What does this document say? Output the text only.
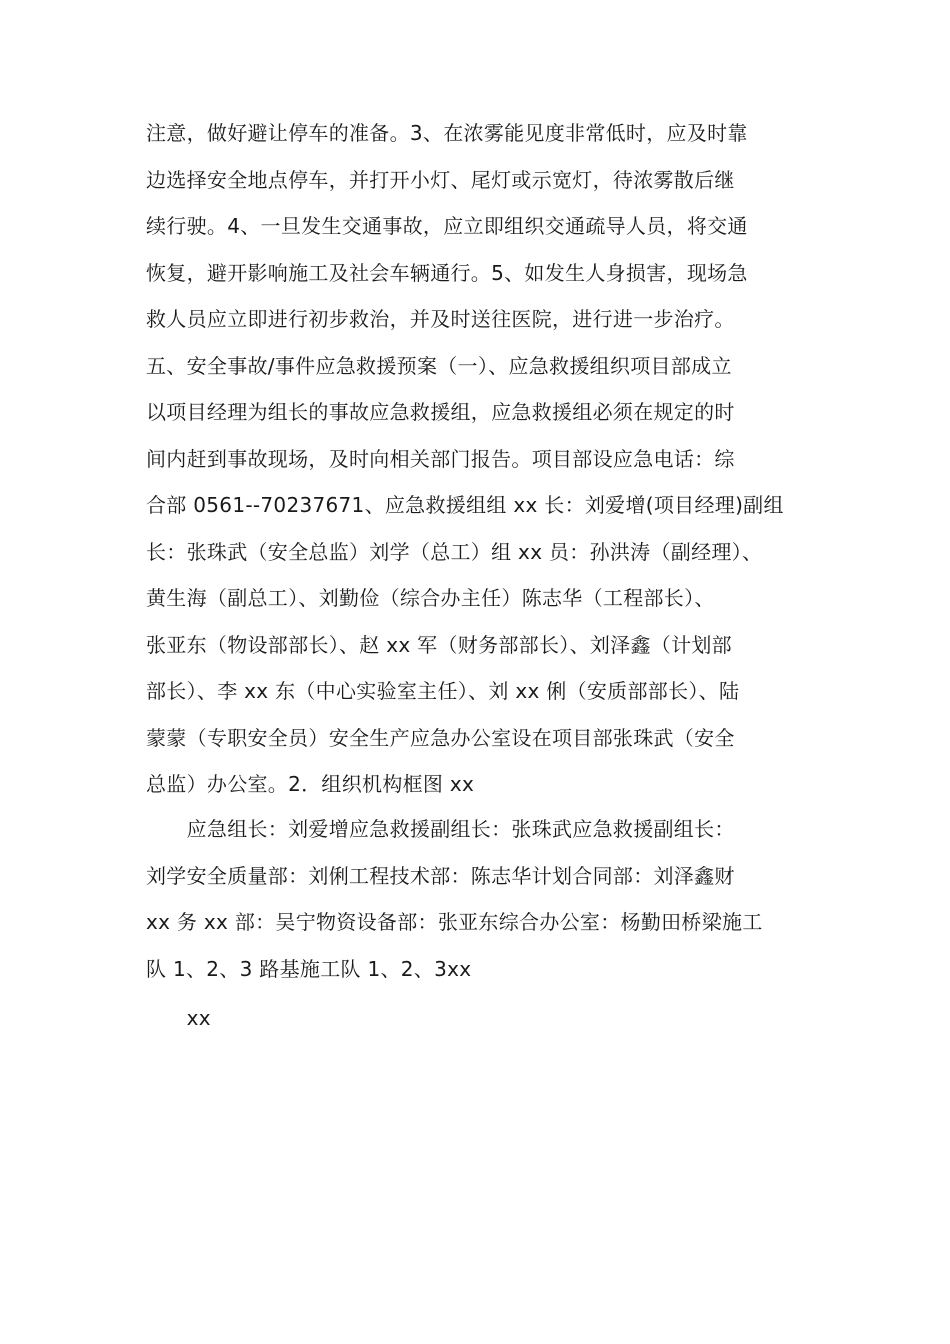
注意，做好避让停车的准备。3、在浓雾能见度非常低时，应及时靠
边选择安全地点停车，并打开小灯、尾灯或示宽灯，待浓雾散后继
续行驶。4、一旦发生交通事故，应立即组织交通疏导人员，将交通
恢复，避开影响施工及社会车辆通行。5、如发生人身损害，现场急
救人员应立即进行初步救治，并及时送往医院，进行进一步治疗。
五、安全事故/事件应急救援预案（一）、应急救援组织项目部成立
以项目经理为组长的事故应急救援组，应急救援组必须在规定的时
间内赶到事故现场，及时向相关部门报告。项目部设应急电话：综
合部 0561--70237671、应急救援组组 xx 长：刘爱增(项目经理)副组
长：张珠武（安全总监）刘学（总工）组 xx 员：孙洪涛（副经理）、
黄生海（副总工）、刘勤俭（综合办主任）陈志华（工程部长）、
张亚东（物设部部长）、赵 xx 军（财务部部长）、刘泽鑫（计划部
部长）、李 xx 东（中心实验室主任）、刘 xx 俐（安质部部长）、陆
蒙蒙（专职安全员）安全生产应急办公室设在项目部张珠武（安全
总监）办公室。2．组织机构框图 xx
　　应急组长：刘爱增应急救援副组长：张珠武应急救援副组长：
刘学安全质量部：刘俐工程技术部：陈志华计划合同部：刘泽鑫财
xx 务 xx 部：吴宁物资设备部：张亚东综合办公室：杨勤田桥梁施工
队 1、2、3 路基施工队 1、2、3xx
　　xx
